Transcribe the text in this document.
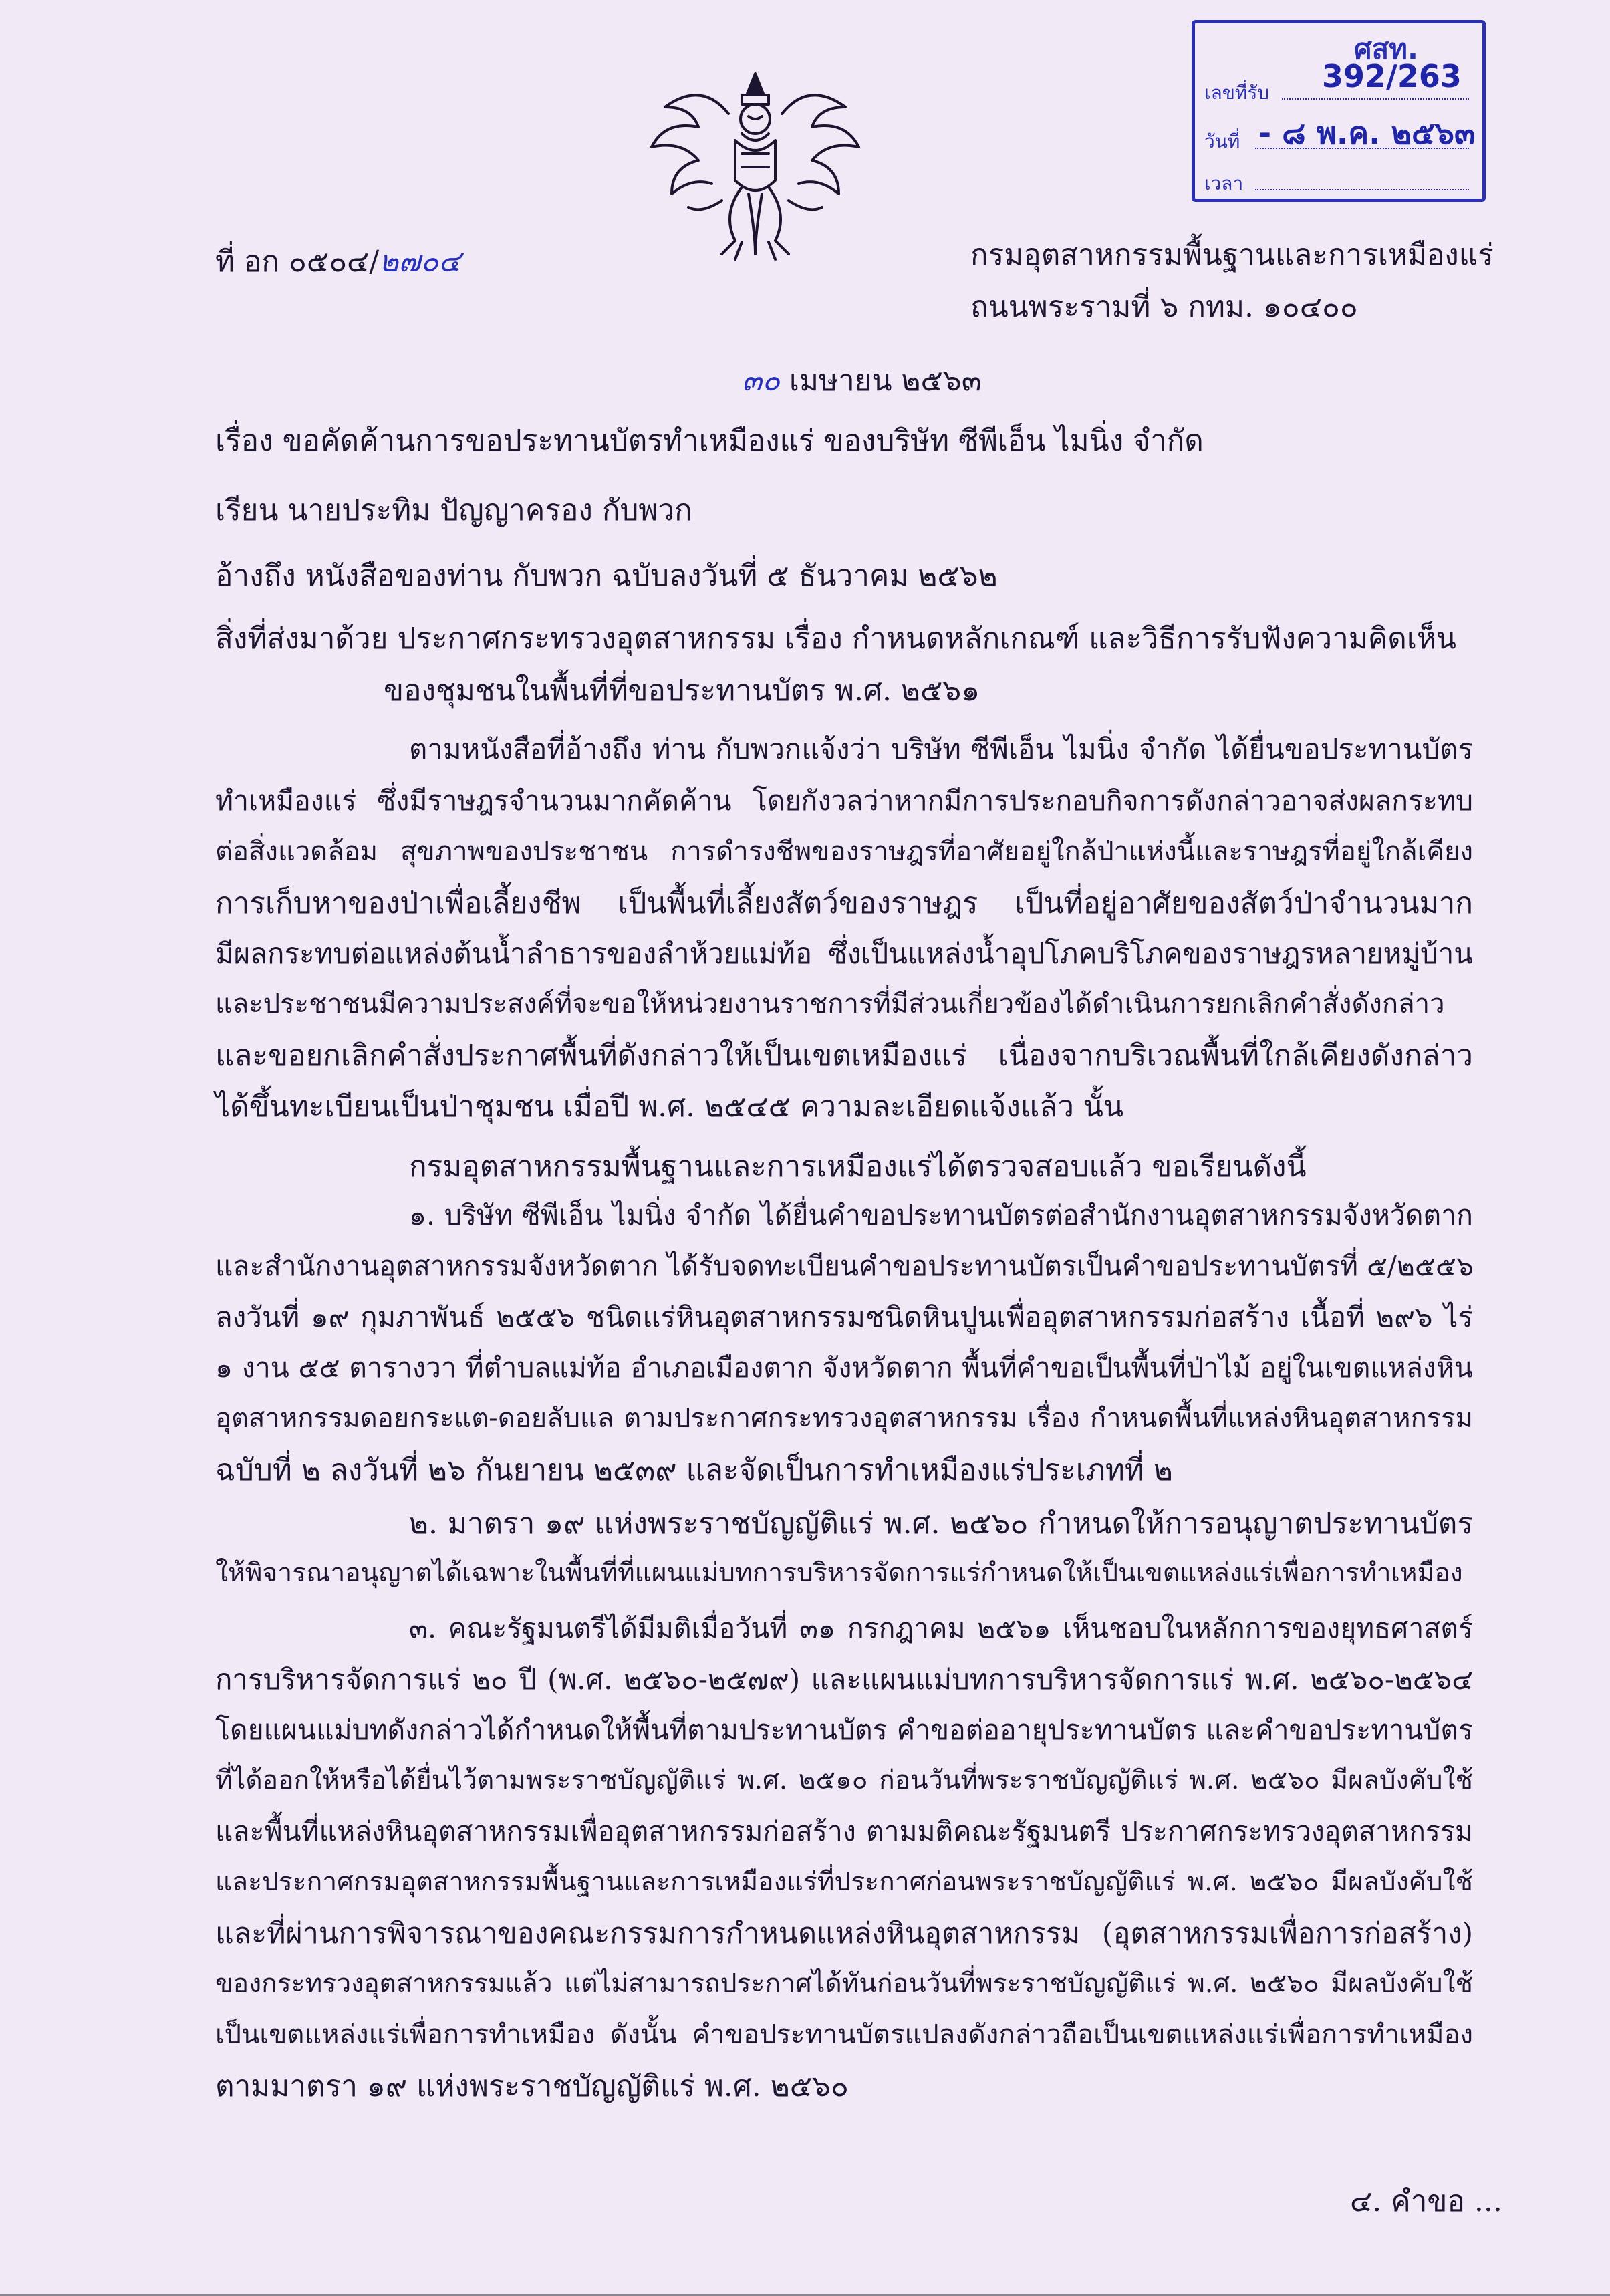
ศสท.
เลขที่รับ 392/263
วันที่ - ๘ พ.ค. ๒๕๖๓
เวลา
ที่ อก ๐๕๐๔/๒๗๐๔	กรมอุตสาหกรรมพื้นฐานและการเหมืองแร่
ถนนพระรามที่ ๖ กทม. ๑๐๔๐๐
๓๐ เมษายน ๒๕๖๓
เรื่อง ขอคัดค้านการขอประทานบัตรทำเหมืองแร่ ของบริษัท ซีพีเอ็น ไมนิ่ง จำกัด
เรียน นายประทิม ปัญญาครอง กับพวก
อ้างถึง หนังสือของท่าน กับพวก ฉบับลงวันที่ ๕ ธันวาคม ๒๕๖๒
สิ่งที่ส่งมาด้วย ประกาศกระทรวงอุตสาหกรรม เรื่อง กำหนดหลักเกณฑ์ และวิธีการรับฟังความคิดเห็น
ของชุมชนในพื้นที่ที่ขอประทานบัตร พ.ศ. ๒๕๖๑
ตามหนังสือที่อ้างถึง ท่าน กับพวกแจ้งว่า บริษัท ซีพีเอ็น ไมนิ่ง จำกัด ได้ยื่นขอประทานบัตร
ทำเหมืองแร่ ซึ่งมีราษฎรจำนวนมากคัดค้าน โดยกังวลว่าหากมีการประกอบกิจการดังกล่าวอาจส่งผลกระทบ
ต่อสิ่งแวดล้อม สุขภาพของประชาชน การดำรงชีพของราษฎรที่อาศัยอยู่ใกล้ป่าแห่งนี้และราษฎรที่อยู่ใกล้เคียง
การเก็บหาของป่าเพื่อเลี้ยงชีพ เป็นพื้นที่เลี้ยงสัตว์ของราษฎร เป็นที่อยู่อาศัยของสัตว์ป่าจำนวนมาก
มีผลกระทบต่อแหล่งต้นน้ำลำธารของลำห้วยแม่ท้อ ซึ่งเป็นแหล่งน้ำอุปโภคบริโภคของราษฎรหลายหมู่บ้าน
และประชาชนมีความประสงค์ที่จะขอให้หน่วยงานราชการที่มีส่วนเกี่ยวข้องได้ดำเนินการยกเลิกคำสั่งดังกล่าว
และขอยกเลิกคำสั่งประกาศพื้นที่ดังกล่าวให้เป็นเขตเหมืองแร่ เนื่องจากบริเวณพื้นที่ใกล้เคียงดังกล่าว
ได้ขึ้นทะเบียนเป็นป่าชุมชน เมื่อปี พ.ศ. ๒๕๔๕ ความละเอียดแจ้งแล้ว นั้น
กรมอุตสาหกรรมพื้นฐานและการเหมืองแร่ได้ตรวจสอบแล้ว ขอเรียนดังนี้
๑. บริษัท ซีพีเอ็น ไมนิ่ง จำกัด ได้ยื่นคำขอประทานบัตรต่อสำนักงานอุตสาหกรรมจังหวัดตาก
และสำนักงานอุตสาหกรรมจังหวัดตาก ได้รับจดทะเบียนคำขอประทานบัตรเป็นคำขอประทานบัตรที่ ๕/๒๕๕๖
ลงวันที่ ๑๙ กุมภาพันธ์ ๒๕๕๖ ชนิดแร่หินอุตสาหกรรมชนิดหินปูนเพื่ออุตสาหกรรมก่อสร้าง เนื้อที่ ๒๙๖ ไร่
๑ งาน ๕๕ ตารางวา ที่ตำบลแม่ท้อ อำเภอเมืองตาก จังหวัดตาก พื้นที่คำขอเป็นพื้นที่ป่าไม้ อยู่ในเขตแหล่งหิน
อุตสาหกรรมดอยกระแต-ดอยลับแล ตามประกาศกระทรวงอุตสาหกรรม เรื่อง กำหนดพื้นที่แหล่งหินอุตสาหกรรม
ฉบับที่ ๒ ลงวันที่ ๒๖ กันยายน ๒๕๓๙ และจัดเป็นการทำเหมืองแร่ประเภทที่ ๒
๒. มาตรา ๑๙ แห่งพระราชบัญญัติแร่ พ.ศ. ๒๕๖๐ กำหนดให้การอนุญาตประทานบัตร
ให้พิจารณาอนุญาตได้เฉพาะในพื้นที่ที่แผนแม่บทการบริหารจัดการแร่กำหนดให้เป็นเขตแหล่งแร่เพื่อการทำเหมือง
๓. คณะรัฐมนตรีได้มีมติเมื่อวันที่ ๓๑ กรกฎาคม ๒๕๖๑ เห็นชอบในหลักการของยุทธศาสตร์
การบริหารจัดการแร่ ๒๐ ปี (พ.ศ. ๒๕๖๐-๒๕๗๙) และแผนแม่บทการบริหารจัดการแร่ พ.ศ. ๒๕๖๐-๒๕๖๔
โดยแผนแม่บทดังกล่าวได้กำหนดให้พื้นที่ตามประทานบัตร คำขอต่ออายุประทานบัตร และคำขอประทานบัตร
ที่ได้ออกให้หรือได้ยื่นไว้ตามพระราชบัญญัติแร่ พ.ศ. ๒๕๑๐ ก่อนวันที่พระราชบัญญัติแร่ พ.ศ. ๒๕๖๐ มีผลบังคับใช้
และพื้นที่แหล่งหินอุตสาหกรรมเพื่ออุตสาหกรรมก่อสร้าง ตามมติคณะรัฐมนตรี ประกาศกระทรวงอุตสาหกรรม
และประกาศกรมอุตสาหกรรมพื้นฐานและการเหมืองแร่ที่ประกาศก่อนพระราชบัญญัติแร่ พ.ศ. ๒๕๖๐ มีผลบังคับใช้
และที่ผ่านการพิจารณาของคณะกรรมการกำหนดแหล่งหินอุตสาหกรรม (อุตสาหกรรมเพื่อการก่อสร้าง)
ของกระทรวงอุตสาหกรรมแล้ว แต่ไม่สามารถประกาศได้ทันก่อนวันที่พระราชบัญญัติแร่ พ.ศ. ๒๕๖๐ มีผลบังคับใช้
เป็นเขตแหล่งแร่เพื่อการทำเหมือง ดังนั้น คำขอประทานบัตรแปลงดังกล่าวถือเป็นเขตแหล่งแร่เพื่อการทำเหมือง
ตามมาตรา ๑๙ แห่งพระราชบัญญัติแร่ พ.ศ. ๒๕๖๐
๔. คำขอ ...
